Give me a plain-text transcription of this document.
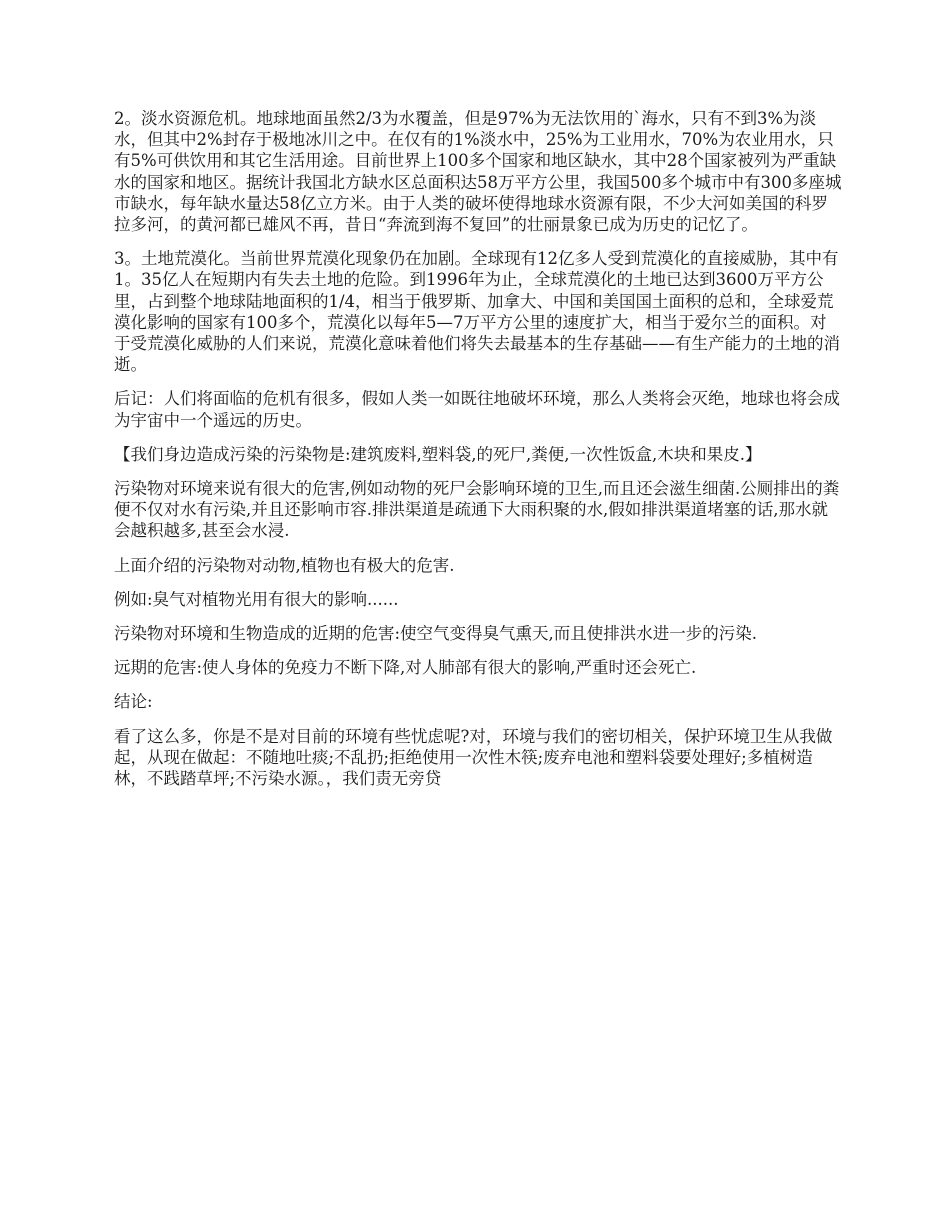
2。淡水资源危机。地球地面虽然2/3为水覆盖，但是97%为无法饮用的`海水，只有不到3%为淡水，但其中2%封存于极地冰川之中。在仅有的1%淡水中，25%为工业用水，70%为农业用水，只有5%可供饮用和其它生活用途。目前世界上100多个国家和地区缺水，其中28个国家被列为严重缺水的国家和地区。据统计我国北方缺水区总面积达58万平方公里，我国500多个城市中有300多座城市缺水，每年缺水量达58亿立方米。由于人类的破坏使得地球水资源有限，不少大河如美国的科罗拉多河，的黄河都已雄风不再，昔日“奔流到海不复回”的壮丽景象已成为历史的记忆了。

3。土地荒漠化。当前世界荒漠化现象仍在加剧。全球现有12亿多人受到荒漠化的直接威胁，其中有1。35亿人在短期内有失去土地的危险。到1996年为止，全球荒漠化的土地已达到3600万平方公里，占到整个地球陆地面积的1/4，相当于俄罗斯、加拿大、中国和美国国土面积的总和，全球爱荒漠化影响的国家有100多个，荒漠化以每年5—7万平方公里的速度扩大，相当于爱尔兰的面积。对于受荒漠化威胁的人们来说，荒漠化意味着他们将失去最基本的生存基础——有生产能力的土地的消逝。

后记：人们将面临的危机有很多，假如人类一如既往地破坏环境，那么人类将会灭绝，地球也将会成为宇宙中一个遥远的历史。

【我们身边造成污染的污染物是:建筑废料,塑料袋,的死尸,粪便,一次性饭盒,木块和果皮.】

污染物对环境来说有很大的危害,例如动物的死尸会影响环境的卫生,而且还会滋生细菌.公厕排出的粪便不仅对水有污染,并且还影响市容.排洪渠道是疏通下大雨积聚的水,假如排洪渠道堵塞的话,那水就会越积越多,甚至会水浸.

上面介绍的污染物对动物,植物也有极大的危害.

例如:臭气对植物光用有很大的影响......

污染物对环境和生物造成的近期的危害:使空气变得臭气熏天,而且使排洪水进一步的污染.

远期的危害:使人身体的免疫力不断下降,对人肺部有很大的影响,严重时还会死亡.

结论:

看了这么多，你是不是对目前的环境有些忧虑呢?对，环境与我们的密切相关，保护环境卫生从我做起，从现在做起：不随地吐痰;不乱扔;拒绝使用一次性木筷;废弃电池和塑料袋要处理好;多植树造林，不践踏草坪;不污染水源。，我们责无旁贷
